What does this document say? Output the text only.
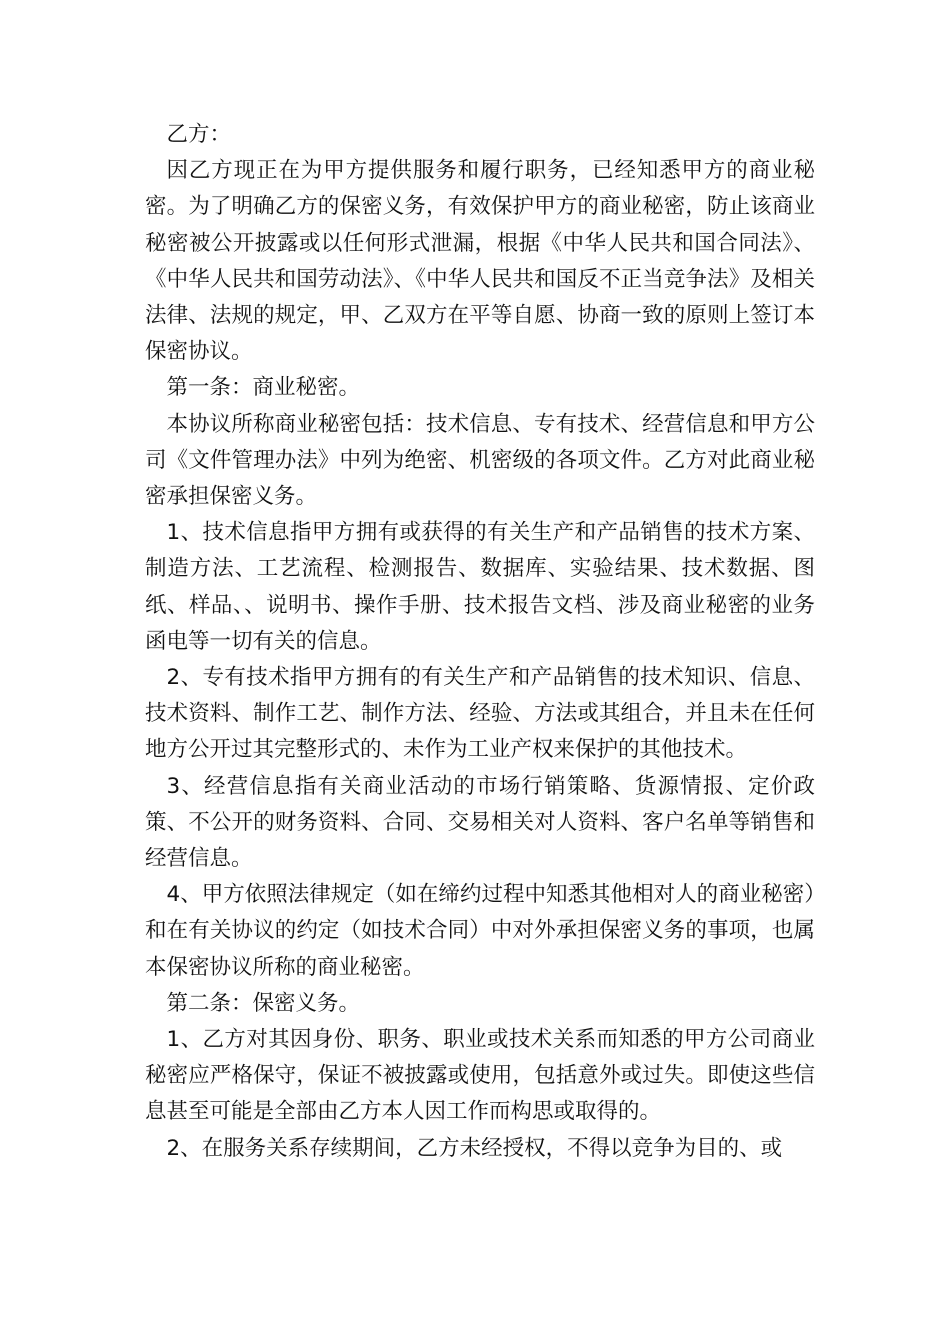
乙方：

因乙方现正在为甲方提供服务和履行职务，已经知悉甲方的商业秘密。为了明确乙方的保密义务，有效保护甲方的商业秘密，防止该商业秘密被公开披露或以任何形式泄漏，根据《中华人民共和国合同法》、《中华人民共和国劳动法》、《中华人民共和国反不正当竞争法》及相关法律、法规的规定，甲、乙双方在平等自愿、协商一致的原则上签订本保密协议。

第一条：商业秘密。

本协议所称商业秘密包括：技术信息、专有技术、经营信息和甲方公司《文件管理办法》中列为绝密、机密级的各项文件。乙方对此商业秘密承担保密义务。

1、技术信息指甲方拥有或获得的有关生产和产品销售的技术方案、制造方法、工艺流程、检测报告、数据库、实验结果、技术数据、图纸、样品、、说明书、操作手册、技术报告文档、涉及商业秘密的业务函电等一切有关的信息。

2、专有技术指甲方拥有的有关生产和产品销售的技术知识、信息、技术资料、制作工艺、制作方法、经验、方法或其组合，并且未在任何地方公开过其完整形式的、未作为工业产权来保护的其他技术。

3、经营信息指有关商业活动的市场行销策略、货源情报、定价政策、不公开的财务资料、合同、交易相关对人资料、客户名单等销售和经营信息。

4、甲方依照法律规定（如在缔约过程中知悉其他相对人的商业秘密）和在有关协议的约定（如技术合同）中对外承担保密义务的事项，也属本保密协议所称的商业秘密。

第二条：保密义务。

1、乙方对其因身份、职务、职业或技术关系而知悉的甲方公司商业秘密应严格保守，保证不被披露或使用，包括意外或过失。即使这些信息甚至可能是全部由乙方本人因工作而构思或取得的。

2、在服务关系存续期间，乙方未经授权，不得以竞争为目的、或
